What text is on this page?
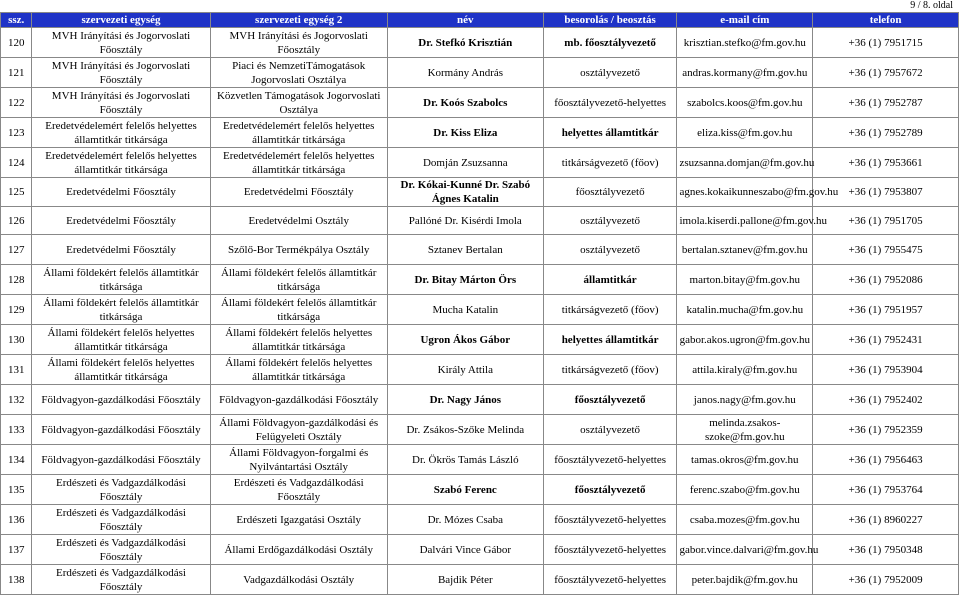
9 / 8. oldal
ssz.	szervezeti egység	szervezeti egység 2	név	besorolás / beosztás	e-mail cím	telefon
120	MVH Irányítási és Jogorvoslati Főosztály	MVH Irányítási és Jogorvoslati Főosztály	Dr. Stefkó Krisztián	mb. főosztályvezető	krisztian.stefko@fm.gov.hu	+36 (1) 7951715
121	MVH Irányítási és Jogorvoslati Főosztály	Piaci és NemzetiTámogatások Jogorvoslati Osztálya	Kormány András	osztályvezető	andras.kormany@fm.gov.hu	+36 (1) 7957672
122	MVH Irányítási és Jogorvoslati Főosztály	Közvetlen Támogatások Jogorvoslati Osztálya	Dr. Koós Szabolcs	főosztályvezető-helyettes	szabolcs.koos@fm.gov.hu	+36 (1) 7952787
123	Eredetvédelemért felelős helyettes államtitkár titkársága	Eredetvédelemért felelős helyettes államtitkár titkársága	Dr. Kiss Eliza	helyettes államtitkár	eliza.kiss@fm.gov.hu	+36 (1) 7952789
124	Eredetvédelemért felelős helyettes államtitkár titkársága	Eredetvédelemért felelős helyettes államtitkár titkársága	Domján Zsuzsanna	titkárságvezető (főov)	zsuzsanna.domjan@fm.gov.hu	+36 (1) 7953661
125	Eredetvédelmi Főosztály	Eredetvédelmi Főosztály	Dr. Kókai-Kunné Dr. Szabó Ágnes Katalin	főosztályvezető	agnes.kokaikunneszabo@fm.gov.hu	+36 (1) 7953807
126	Eredetvédelmi Főosztály	Eredetvédelmi Osztály	Pallóné Dr. Kisérdi Imola	osztályvezető	imola.kiserdi.pallone@fm.gov.hu	+36 (1) 7951705
127	Eredetvédelmi Főosztály	Szőlő-Bor Termékpálya Osztály	Sztanev Bertalan	osztályvezető	bertalan.sztanev@fm.gov.hu	+36 (1) 7955475
128	Állami földekért felelős államtitkár titkársága	Állami földekért felelős államtitkár titkársága	Dr. Bitay Márton Örs	államtitkár	marton.bitay@fm.gov.hu	+36 (1) 7952086
129	Állami földekért felelős államtitkár titkársága	Állami földekért felelős államtitkár titkársága	Mucha Katalin	titkárságvezető (főov)	katalin.mucha@fm.gov.hu	+36 (1) 7951957
130	Állami földekért felelős helyettes államtitkár titkársága	Állami földekért felelős helyettes államtitkár titkársága	Ugron Ákos Gábor	helyettes államtitkár	gabor.akos.ugron@fm.gov.hu	+36 (1) 7952431
131	Állami földekért felelős helyettes államtitkár titkársága	Állami földekért felelős helyettes államtitkár titkársága	Király Attila	titkárságvezető (főov)	attila.kiraly@fm.gov.hu	+36 (1) 7953904
132	Földvagyon-gazdálkodási Főosztály	Földvagyon-gazdálkodási Főosztály	Dr. Nagy János	főosztályvezető	janos.nagy@fm.gov.hu	+36 (1) 7952402
133	Földvagyon-gazdálkodási Főosztály	Állami Földvagyon-gazdálkodási és Felügyeleti Osztály	Dr. Zsákos-Szőke Melinda	osztályvezető	melinda.zsakos-szoke@fm.gov.hu	+36 (1) 7952359
134	Földvagyon-gazdálkodási Főosztály	Állami Földvagyon-forgalmi és Nyilvántartási Osztály	Dr. Ökrös Tamás László	főosztályvezető-helyettes	tamas.okros@fm.gov.hu	+36 (1) 7956463
135	Erdészeti és Vadgazdálkodási Főosztály	Erdészeti és Vadgazdálkodási Főosztály	Szabó Ferenc	főosztályvezető	ferenc.szabo@fm.gov.hu	+36 (1) 7953764
136	Erdészeti és Vadgazdálkodási Főosztály	Erdészeti Igazgatási Osztály	Dr. Mózes Csaba	főosztályvezető-helyettes	csaba.mozes@fm.gov.hu	+36 (1) 8960227
137	Erdészeti és Vadgazdálkodási Főosztály	Állami Erdőgazdálkodási Osztály	Dalvári Vince Gábor	főosztályvezető-helyettes	gabor.vince.dalvari@fm.gov.hu	+36 (1) 7950348
138	Erdészeti és Vadgazdálkodási Főosztály	Vadgazdálkodási Osztály	Bajdik Péter	főosztályvezető-helyettes	peter.bajdik@fm.gov.hu	+36 (1) 7952009
